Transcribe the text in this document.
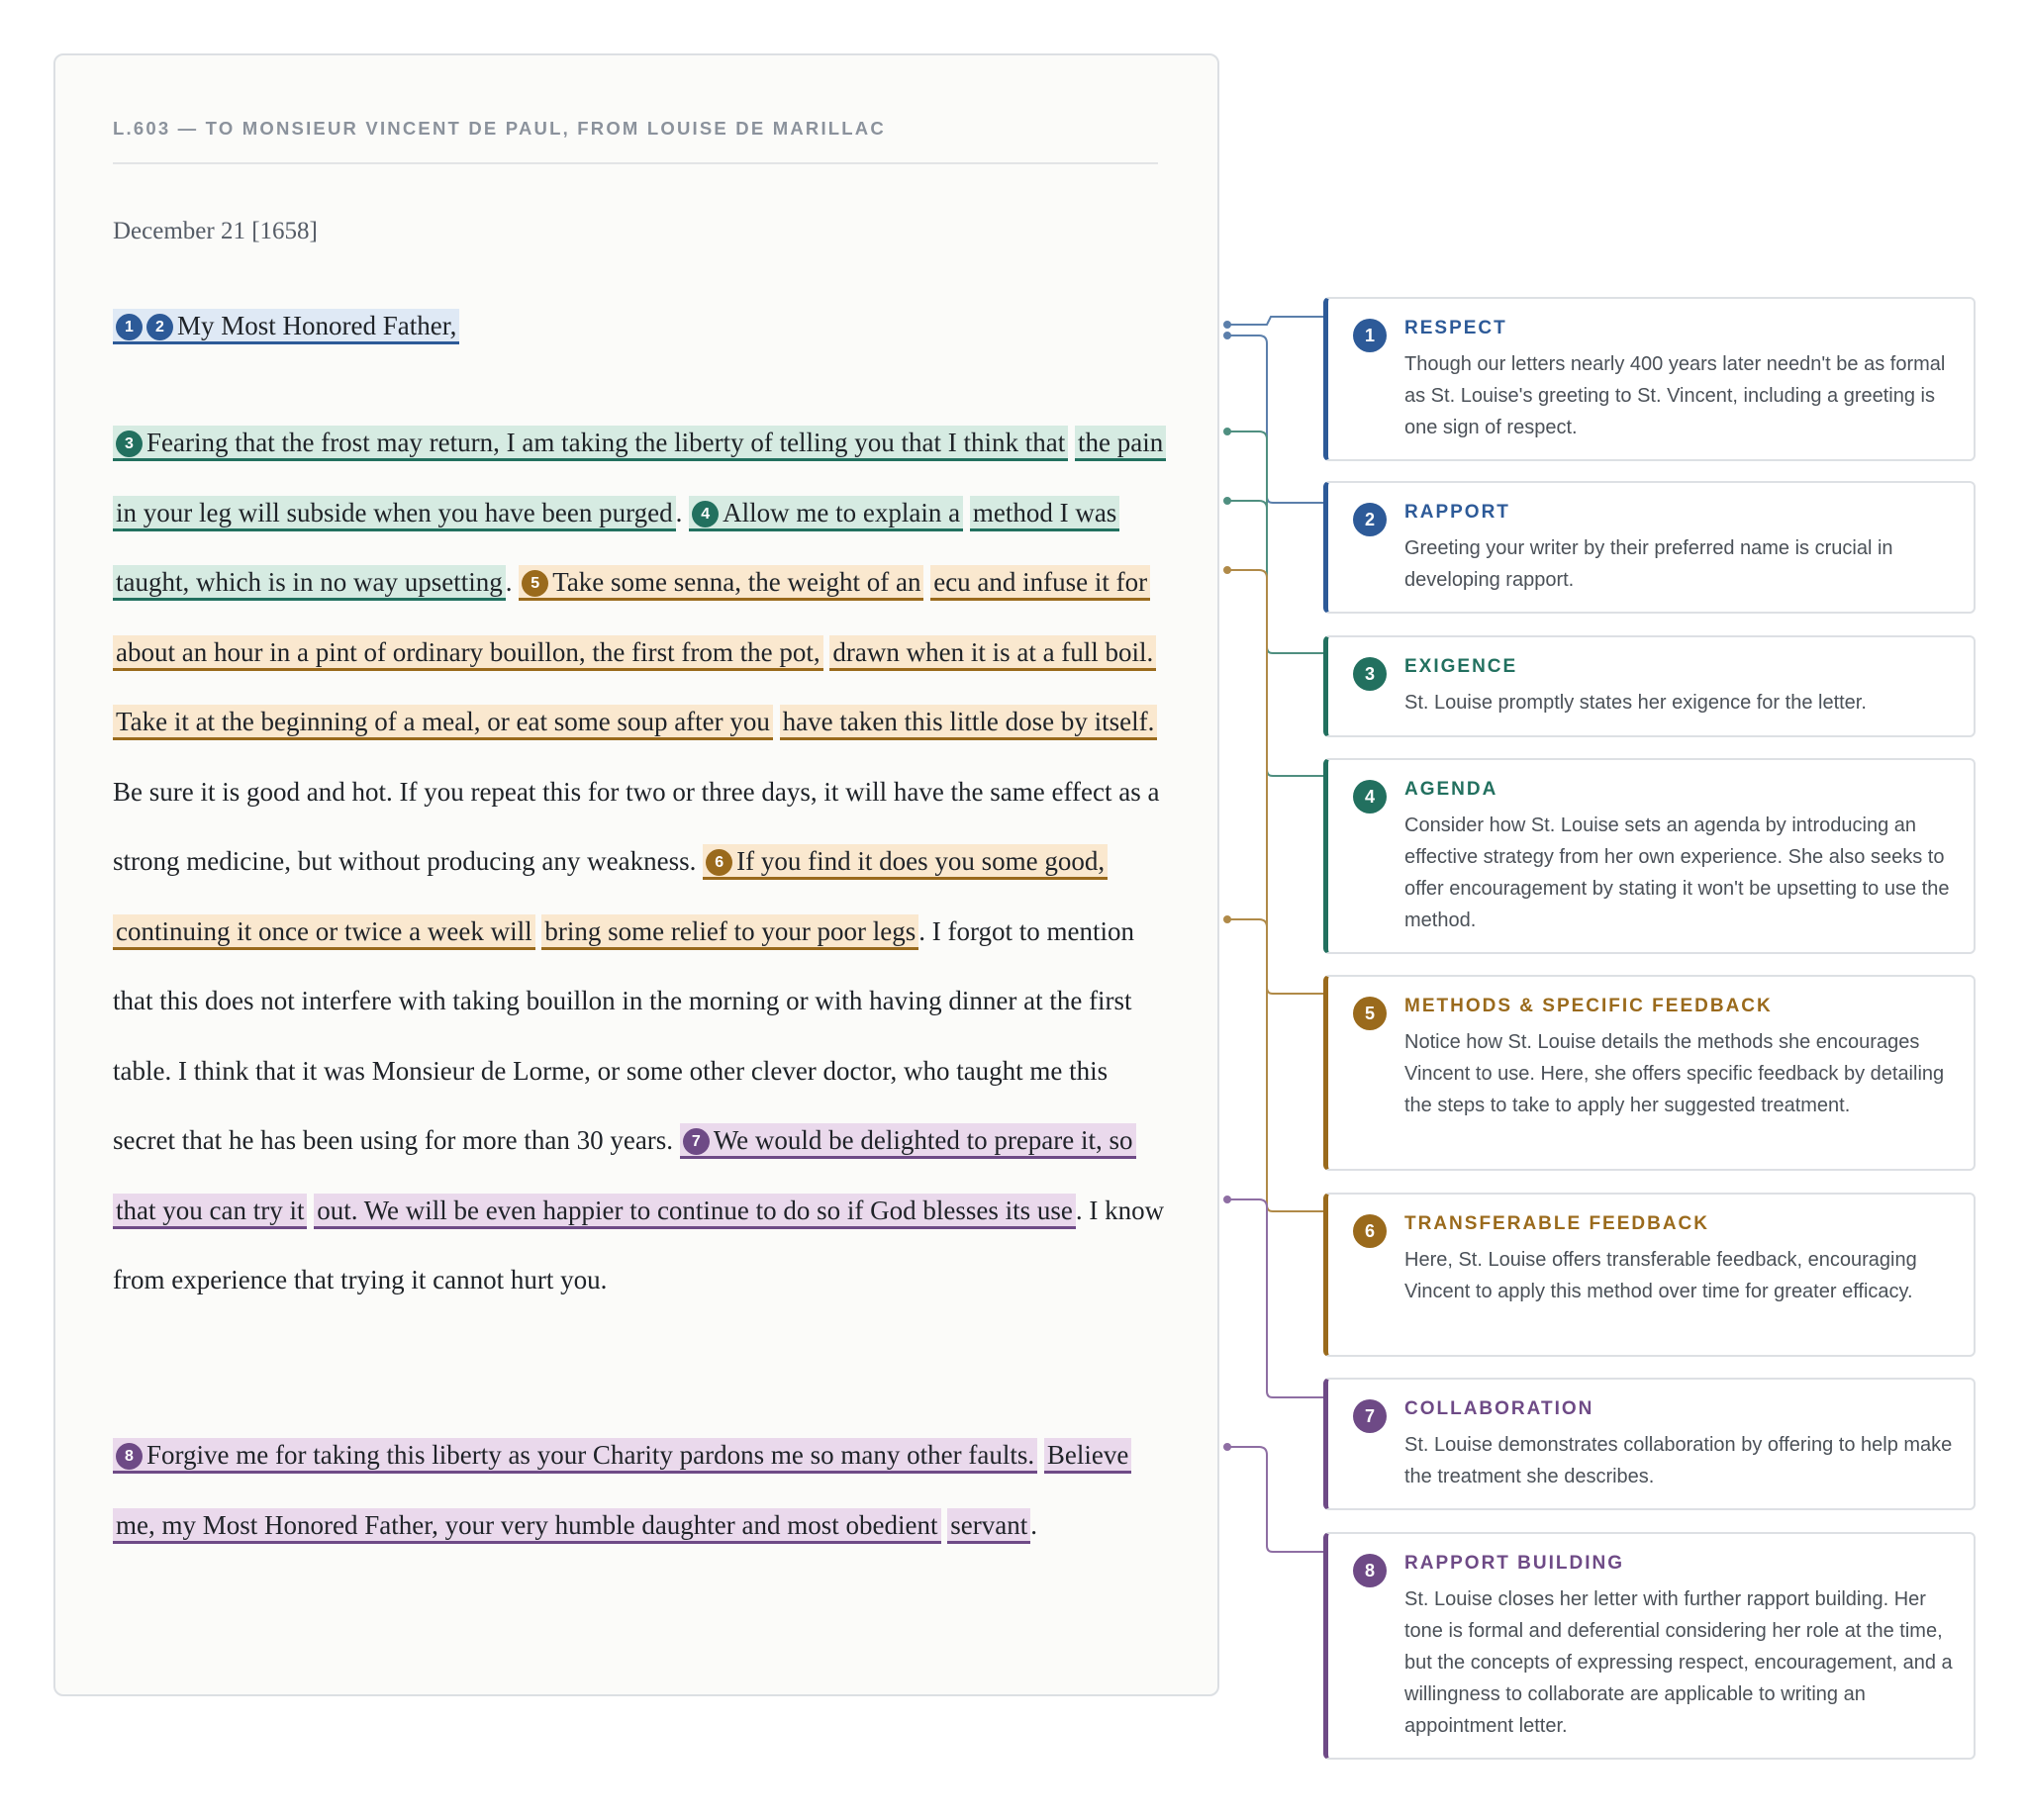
L.603 — TO MONSIEUR VINCENT DE PAUL, FROM LOUISE DE MARILLAC
December 21 [1658]
1 2 My Most Honored Father,
3 Fearing that the frost may return, I am taking the liberty of telling you that I think that the pain in your leg will subside when you have been purged . 4 Allow me to explain a method I was taught, which is in no way upsetting . 5 Take some senna, the weight of an ecu and infuse it for about an hour in a pint of ordinary bouillon, the first from the pot, drawn when it is at a full boil. Take it at the beginning of a meal, or eat some soup after you have taken this little dose by itself. Be sure it is good and hot. If you repeat this for two or three days, it will have the same effect as a strong medicine, but without producing any weakness. 6 If you find it does you some good, continuing it once or twice a week will bring some relief to your poor legs . I forgot to mention that this does not interfere with taking bouillon in the morning or with having dinner at the first table. I think that it was Monsieur de Lorme, or some other clever doctor, who taught me this secret that he has been using for more than 30 years. 7 We would be delighted to prepare it, so that you can try it out. We will be even happier to continue to do so if God blesses its use . I know from experience that trying it cannot hurt you.
8 Forgive me for taking this liberty as your Charity pardons me so many other faults. Believe me, my Most Honored Father, your very humble daughter and most obedient servant .
1	RESPECT
Though our letters nearly 400 years later needn't be as formal as St. Louise's greeting to St. Vincent, including a greeting is one sign of respect.
2	RAPPORT
Greeting your writer by their preferred name is crucial in developing rapport.
3	EXIGENCE
St. Louise promptly states her exigence for the letter.
4	AGENDA
Consider how St. Louise sets an agenda by introducing an effective strategy from her own experience. She also seeks to offer encouragement by stating it won't be upsetting to use the method.
5	METHODS & SPECIFIC FEEDBACK
Notice how St. Louise details the methods she encourages Vincent to use. Here, she offers specific feedback by detailing the steps to take to apply her suggested treatment.
6	TRANSFERABLE FEEDBACK
Here, St. Louise offers transferable feedback, encouraging Vincent to apply this method over time for greater efficacy.
7	COLLABORATION
St. Louise demonstrates collaboration by offering to help make the treatment she describes.
8	RAPPORT BUILDING
St. Louise closes her letter with further rapport building. Her tone is formal and deferential considering her role at the time, but the concepts of expressing respect, encouragement, and a willingness to collaborate are applicable to writing an appointment letter.
